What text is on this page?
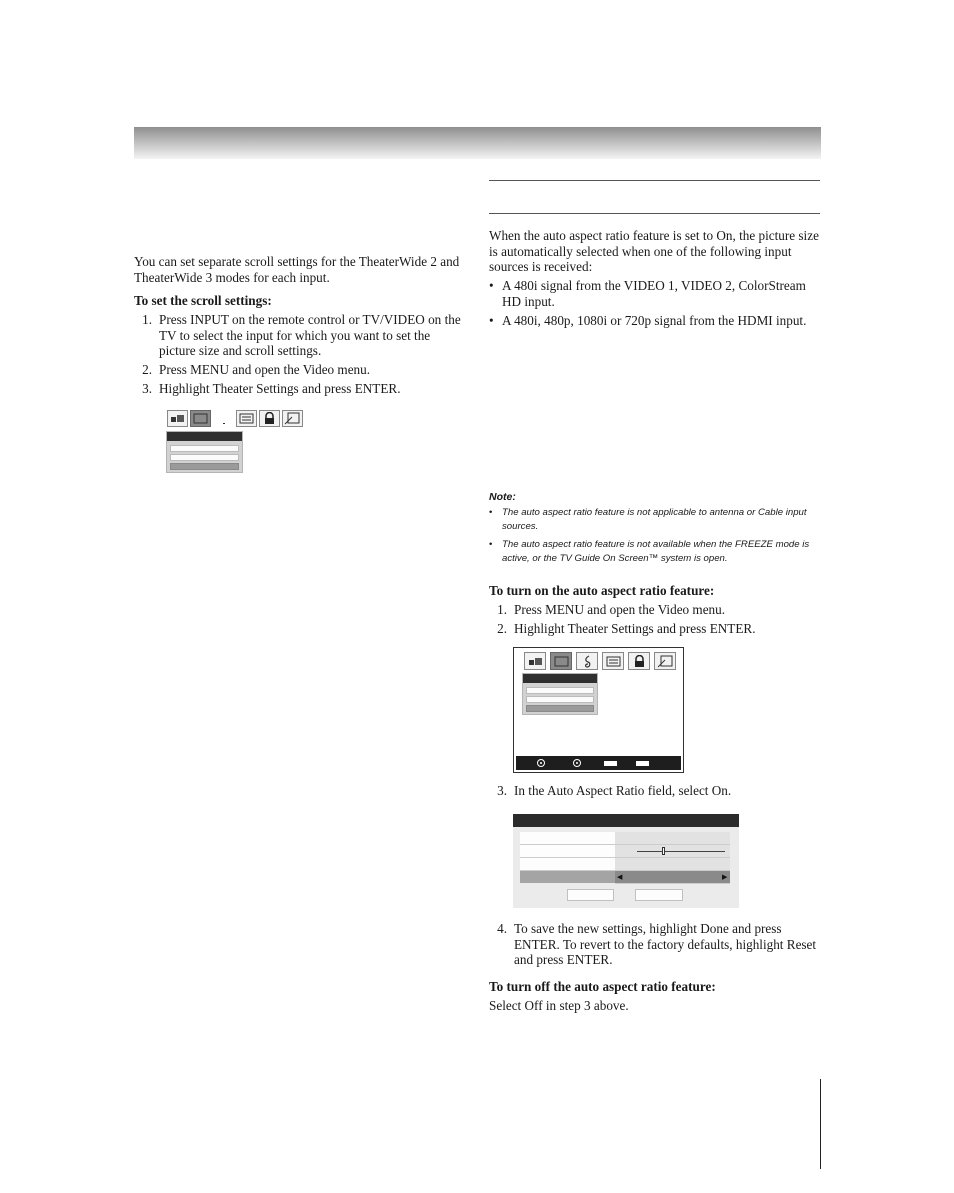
You can set separate scroll settings for the TheaterWide 2 and TheaterWide 3 modes for each input.
To set the scroll settings:
1. Press INPUT on the remote control or TV/VIDEO on the TV to select the input for which you want to set the picture size and scroll settings.
2. Press MENU and open the Video menu.
3. Highlight Theater Settings and press ENTER.
When the auto aspect ratio feature is set to On, the picture size is automatically selected when one of the following input sources is received:
• A 480i signal from the VIDEO 1, VIDEO 2, ColorStream HD input.
• A 480i, 480p, 1080i or 720p signal from the HDMI input.
Note:
• The auto aspect ratio feature is not applicable to antenna or Cable input sources.
• The auto aspect ratio feature is not available when the FREEZE mode is active, or the TV Guide On Screen™ system is open.
To turn on the auto aspect ratio feature:
1. Press MENU and open the Video menu.
2. Highlight Theater Settings and press ENTER.
3. In the Auto Aspect Ratio field, select On.
◀	▶
4. To save the new settings, highlight Done and press ENTER. To revert to the factory defaults, highlight Reset and press ENTER.
To turn off the auto aspect ratio feature:
Select Off in step 3 above.
